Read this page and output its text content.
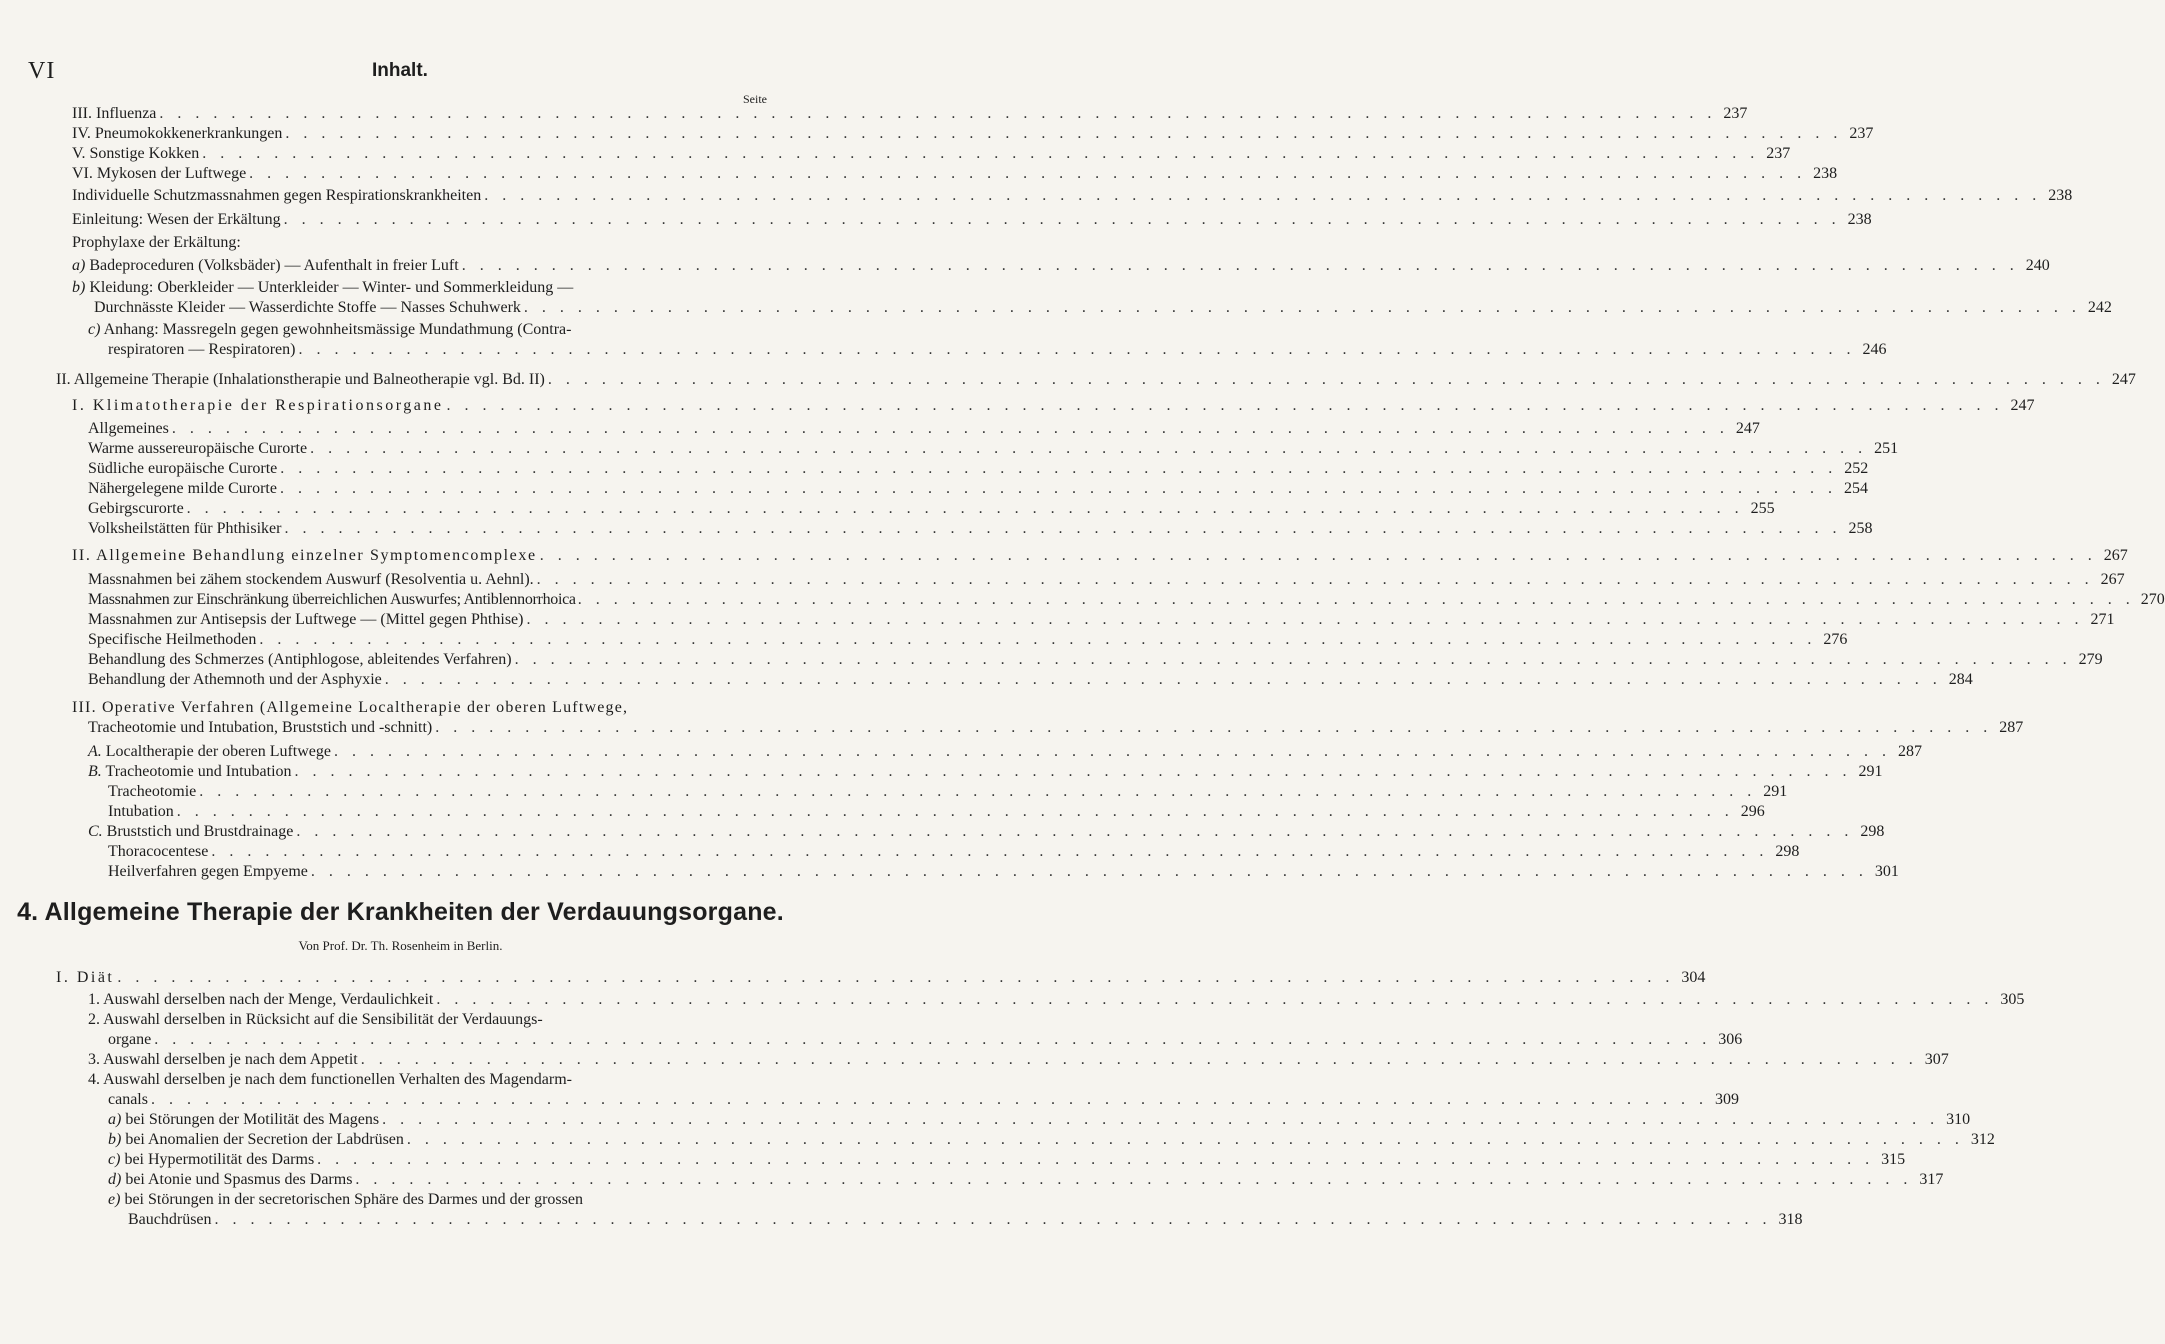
VI	Inhalt.
Seite
III. Influenza . . .	237
IV. Pneumokokkenerkrankungen . . .	237
V. Sonstige Kokken . . .	237
VI. Mykosen der Luftwege . . .	238
Individuelle Schutzmassnahmen gegen Respirationskrankheiten . . .	238
Einleitung: Wesen der Erkältung . . .	238
Prophylaxe der Erkältung:
a) Badeproceduren (Volksbäder) — Aufenthalt in freier Luft . . .	240
b) Kleidung: Oberkleider — Unterkleider — Winter- und Sommerkleidung —
Durchnässte Kleider — Wasserdichte Stoffe — Nasses Schuhwerk . . .	242
c) Anhang: Massregeln gegen gewohnheitsmässige Mundathmung (Contra-
respiratoren — Respiratoren) . . .	246
II. Allgemeine Therapie (Inhalationstherapie und Balneotherapie vgl. Bd. II) . . .	247
I. Klimatotherapie der Respirationsorgane . . .	247
Allgemeines . . .	247
Warme aussereuropäische Curorte . . .	251
Südliche europäische Curorte . . .	252
Nähergelegene milde Curorte . . .	254
Gebirgscurorte . . .	255
Volksheilstätten für Phthisiker . . .	258
II. Allgemeine Behandlung einzelner Symptomencomplexe . . .	267
Massnahmen bei zähem stockendem Auswurf (Resolventia u. Aehnl). . . .	267
Massnahmen zur Einschränkung überreichlichen Auswurfes; Antiblennorrhoica . . .	270
Massnahmen zur Antisepsis der Luftwege — (Mittel gegen Phthise) . . .	271
Specifische Heilmethoden . . .	276
Behandlung des Schmerzes (Antiphlogose, ableitendes Verfahren) . . .	279
Behandlung der Athemnoth und der Asphyxie . . .	284
III. Operative Verfahren (Allgemeine Localtherapie der oberen Luftwege,
Tracheotomie und Intubation, Bruststich und -schnitt) . . .	287
A. Localtherapie der oberen Luftwege . . .	287
B. Tracheotomie und Intubation . . .	291
Tracheotomie . . .	291
Intubation . . .	296
C. Bruststich und Brustdrainage . . .	298
Thoracocentese . . .	298
Heilverfahren gegen Empyeme . . .	301
4. Allgemeine Therapie der Krankheiten der Verdauungsorgane.
Von Prof. Dr. Th. Rosenheim in Berlin.
I. Diät . . .	304
1. Auswahl derselben nach der Menge, Verdaulichkeit . . .	305
2. Auswahl derselben in Rücksicht auf die Sensibilität der Verdauungs-
organe . . .	306
3. Auswahl derselben je nach dem Appetit . . .	307
4. Auswahl derselben je nach dem functionellen Verhalten des Magendarm-
canals . . .	309
a) bei Störungen der Motilität des Magens . . .	310
b) bei Anomalien der Secretion der Labdrüsen . . .	312
c) bei Hypermotilität des Darms . . .	315
d) bei Atonie und Spasmus des Darms . . .	317
e) bei Störungen in der secretorischen Sphäre des Darmes und der grossen
Bauchdrüsen . . .	318
